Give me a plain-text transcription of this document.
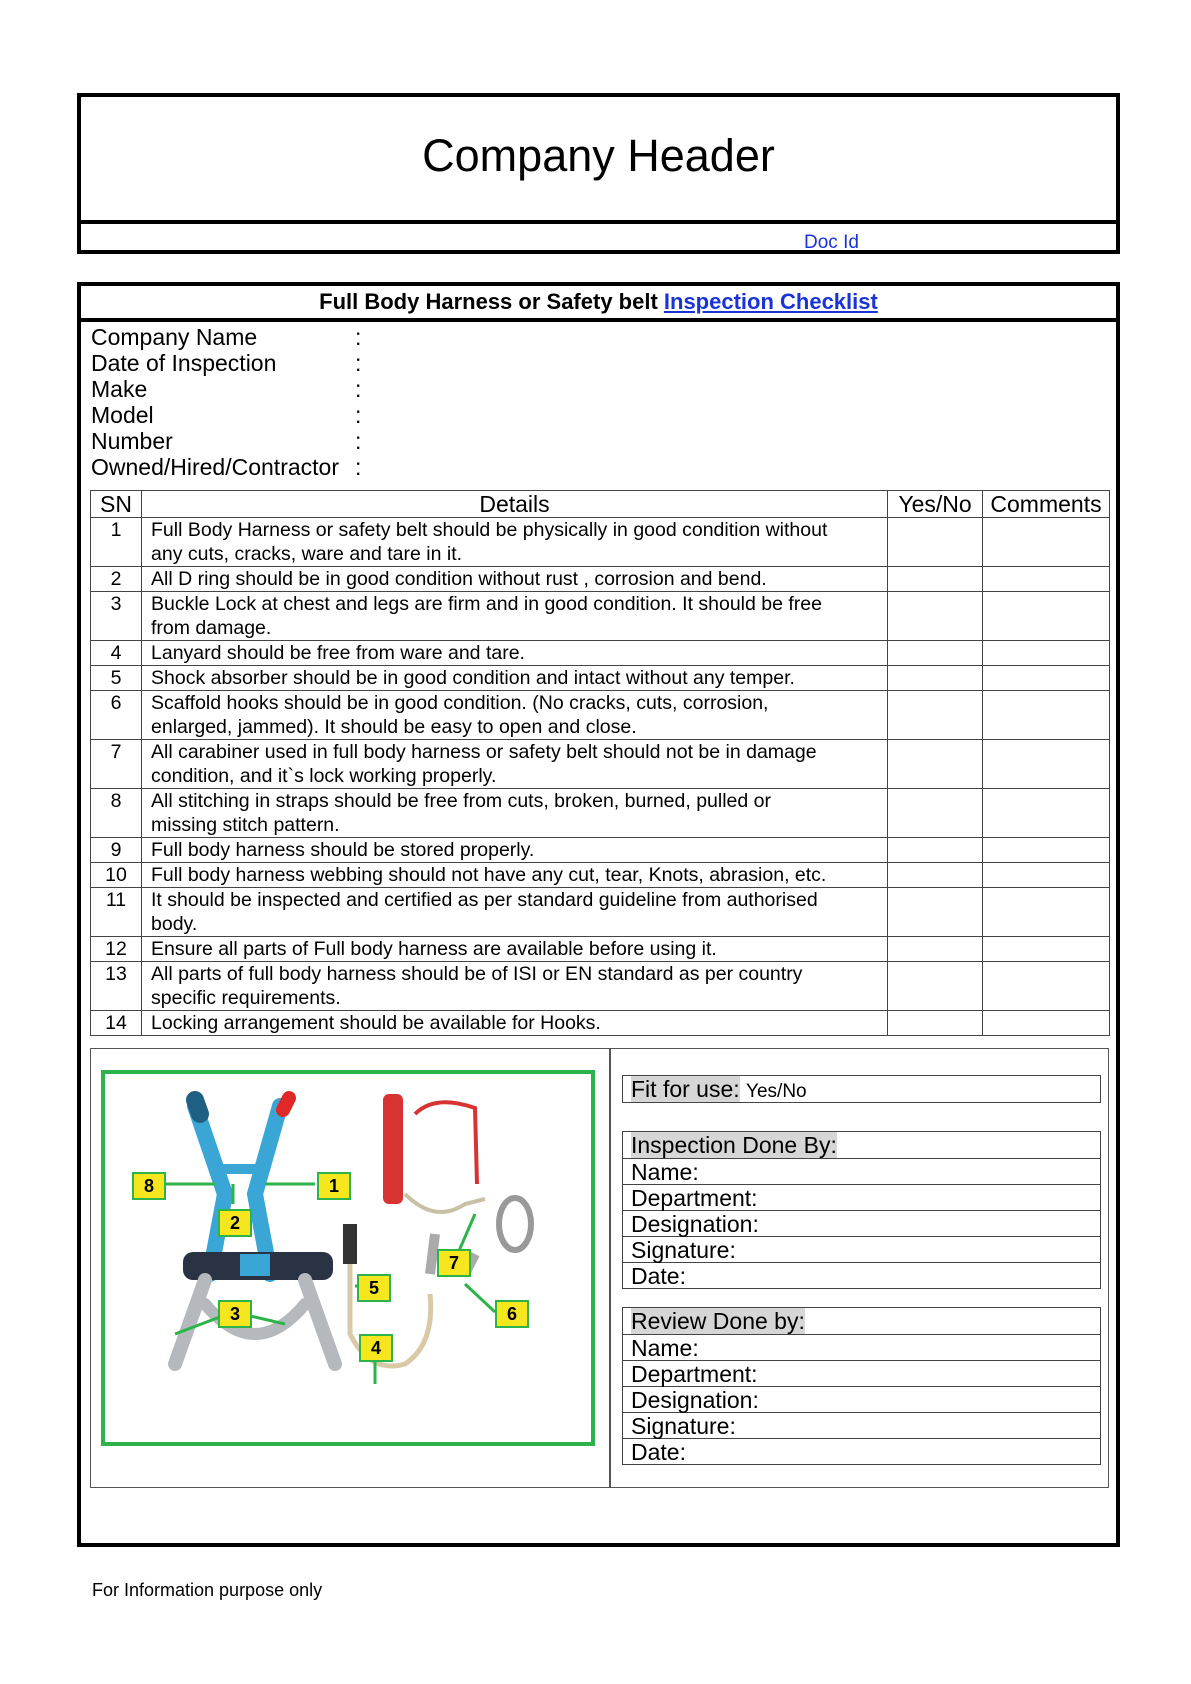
Company Header
Doc Id
Full Body Harness or Safety belt Inspection Checklist
Company Name	:
Date of Inspection	:
Make	:
Model	:
Number	:
Owned/Hired/Contractor :
SN	Details	Yes/No	Comments
1	Full Body Harness or safety belt should be physically in good condition without
any cuts, cracks, ware and tare in it.		

2	All D ring should be in good condition without rust , corrosion and bend.		

3	Buckle Lock at chest and legs are firm and in good condition. It should be free
from damage.		

4	Lanyard should be free from ware and tare.		

5	Shock absorber should be in good condition and intact without any temper.		

6	Scaffold hooks should be in good condition. (No cracks, cuts, corrosion,
enlarged, jammed). It should be easy to open and close.		

7	All carabiner used in full body harness or safety belt should not be in damage
condition, and it`s lock working properly.		

8	All stitching in straps should be free from cuts, broken, burned, pulled or
missing stitch pattern.		

9	Full body harness should be stored properly.		

10	Full body harness webbing should not have any cut, tear, Knots, abrasion, etc.		

11	It should be inspected and certified as per standard guideline from authorised
body.		

12	Ensure all parts of Full body harness are available before using it.		

13	All parts of full body harness should be of ISI or EN standard as per country
specific requirements.		

14	Locking arrangement should be available for Hooks.		

8	1
2
7
5
3	6
4
Fit for use: Yes/No
Inspection Done By:
Name:
Department:
Designation:
Signature:
Date:
Review Done by:
Name:
Department:
Designation:
Signature:
Date:
For Information purpose only
